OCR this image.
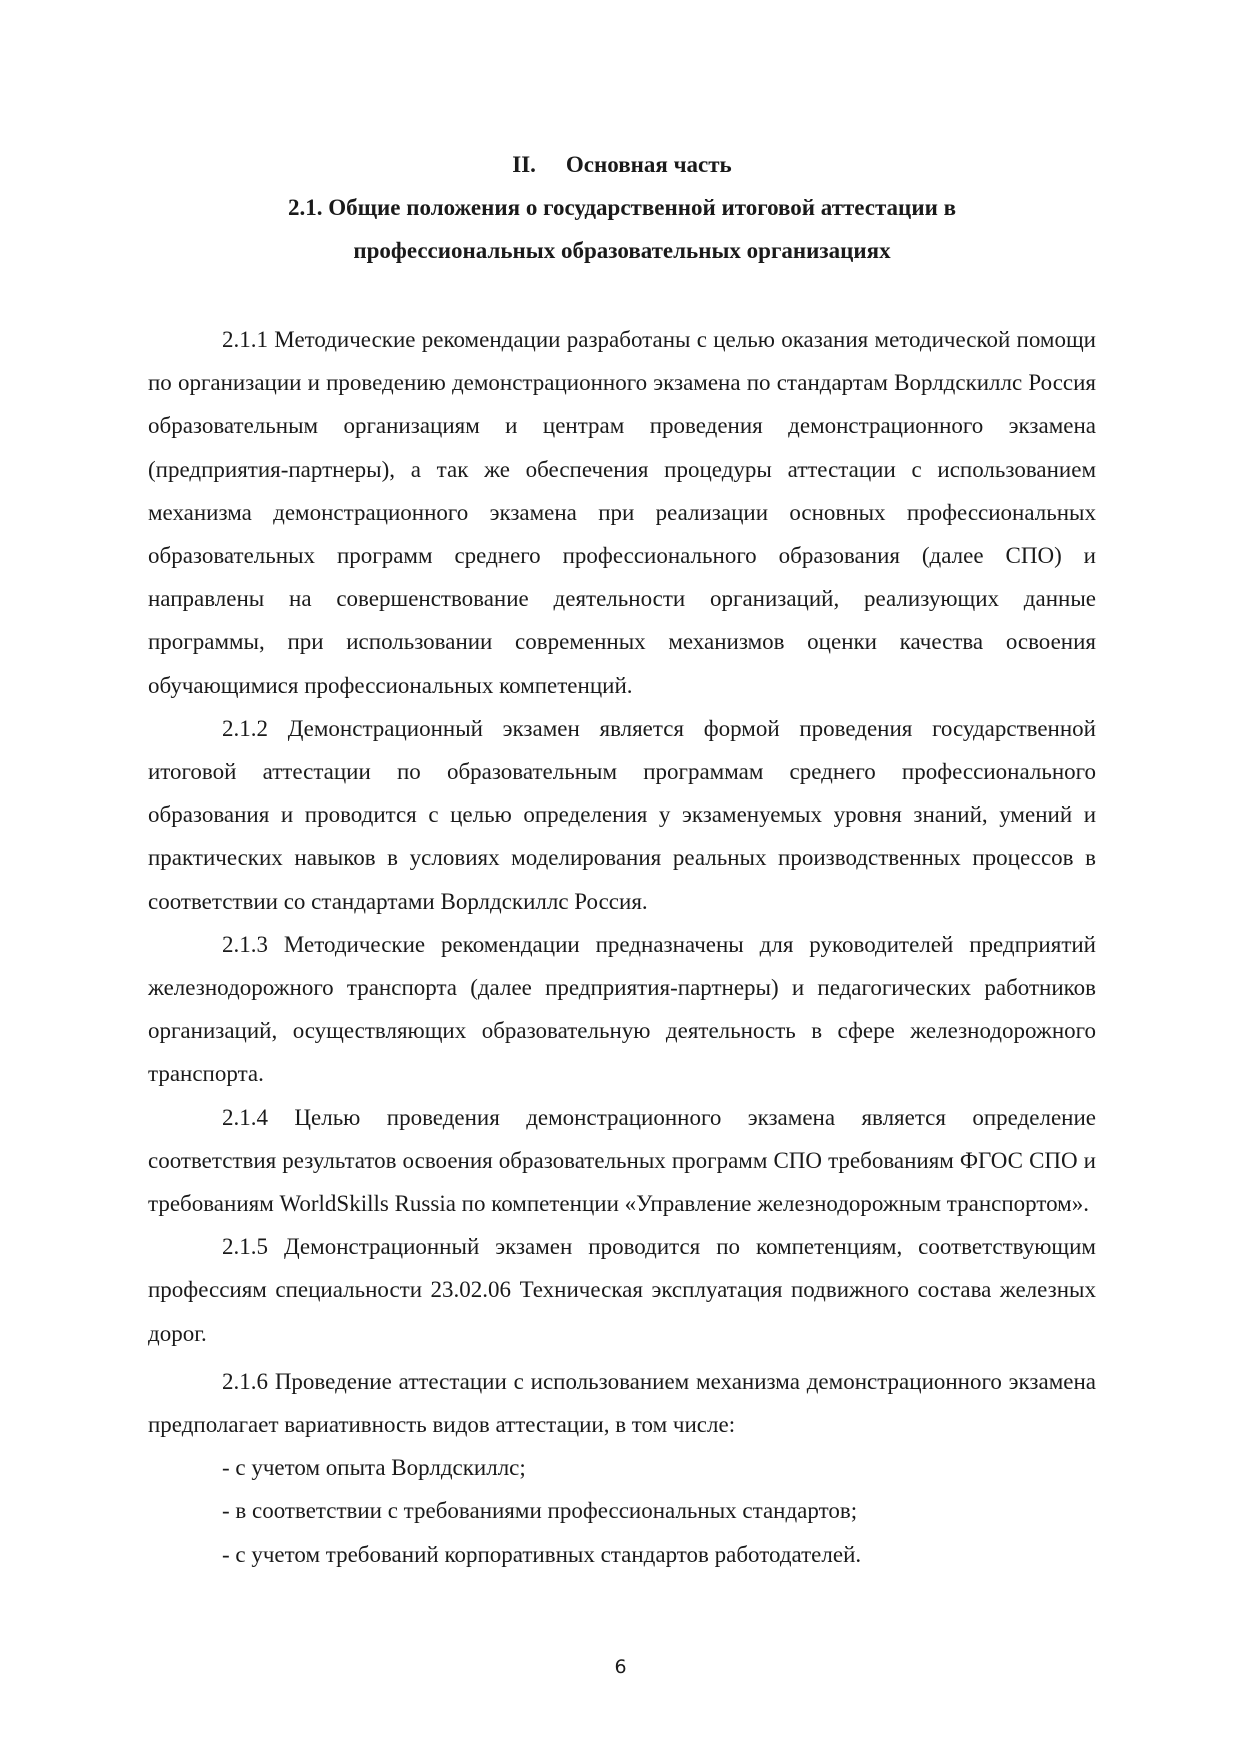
II. Основная часть
2.1. Общие положения о государственной итоговой аттестации в
профессиональных образовательных организациях

2.1.1 Методические рекомендации разработаны с целью оказания методической помощи по организации и проведению демонстрационного экзамена по стандартам Ворлдскиллс Россия образовательным организациям и центрам проведения демонстрационного экзамена (предприятия-партнеры), а так же обеспечения процедуры аттестации с использованием механизма демонстрационного экзамена при реализации основных профессиональных образовательных программ среднего профессионального образования (далее СПО) и направлены на совершенствование деятельности организаций, реализующих данные программы, при использовании современных механизмов оценки качества освоения обучающимися профессиональных компетенций.

2.1.2 Демонстрационный экзамен является формой проведения государственной итоговой аттестации по образовательным программам среднего профессионального образования и проводится с целью определения у экзаменуемых уровня знаний, умений и практических навыков в условиях моделирования реальных производственных процессов в соответствии со стандартами Ворлдскиллс Россия.

2.1.3 Методические рекомендации предназначены для руководителей предприятий железнодорожного транспорта (далее предприятия-партнеры) и педагогических работников организаций, осуществляющих образовательную деятельность в сфере железнодорожного транспорта.

2.1.4 Целью проведения демонстрационного экзамена является определение соответствия результатов освоения образовательных программ СПО требованиям ФГОС СПО и требованиям WorldSkills Russia по компетенции «Управление железнодорожным транспортом».

2.1.5 Демонстрационный экзамен проводится по компетенциям, соответствующим профессиям специальности 23.02.06 Техническая эксплуатация подвижного состава железных дорог.

2.1.6 Проведение аттестации с использованием механизма демонстрационного экзамена предполагает вариативность видов аттестации, в том числе:

- с учетом опыта Ворлдскиллс;

- в соответствии с требованиями профессиональных стандартов;

- с учетом требований корпоративных стандартов работодателей.

6
